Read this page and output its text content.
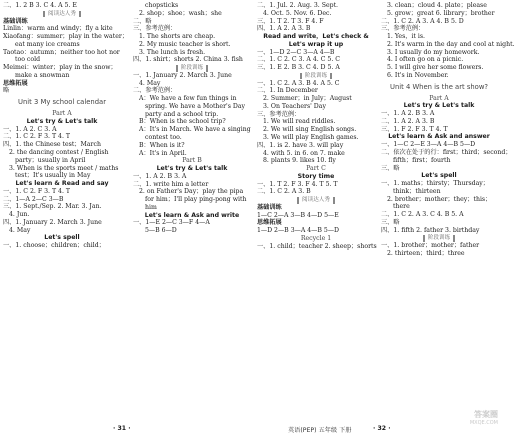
二、1. 2 B 3. C 4. A 5. E
阅读达人秀
基础训练
Linlin：warm and windy；fly a kite
Xiaofang：summer；play in the water；
eat many ice creams
Taotao：autumn；neither too hot nor
too cold
Meimei：winter；play in the snow；
make a snowman
思维拓展
略
Unit 3 My school calendar
Part A
Let's try & Let's talk
一、1. A 2. C 3. A
二、1. C 2. F 3. T 4. T
四、1. the Chinese test；March
2. the dancing contest / English
party；usually in April
3. When is the sports meet / maths
test；It's usually in May
Let's learn & Read and say
一、1. C 2. F 3. T 4. T
二、1—A 2—C 3—B
三、1. Sept./Sep. 2. Mar. 3. Jan.
4. Jun.
四、1. January 2. March 3. June
4. May
Let's spell
一、1. choose；children；child；
chopsticks
2. shop；shoe；wash；she
二、略
三、参考范例：
1. The shorts are cheap.
2. My music teacher is short.
3. The lunch is fresh.
四、1. shirt；shorts 2. China 3. fish
阶段训练
一、1. January 2. March 3. June
4. May
二、参考范例：
A：We have a few fun things in
spring. We have a Mother's Day
party and a school trip.
B：When is the school trip?
A：It's in March. We have a singing
contest too.
B：When is it?
A：It's in April.
Part B
Let's try & Let's talk
一、1. A 2. B 3. A
二、1. write him a letter
2. on Father's Day；play the pipa
for him；I'll play ping-pong with
him
Let's learn & Ask and write
一、1—E 2—C 3—F 4—A
5—B 6—D
二、1. Jul. 2. Aug. 3. Sept.
4. Oct. 5. Nov. 6. Dec.
三、1. T 2. T 3. F 4. F
四、1. A 2. A 3. B
Read and write，Let's check &
Let's wrap it up
一、1—D 2—C 3—A 4—B
二、1. C 2. C 3. A 4. C 5. C
三、1. E 2. B 3. C 4. D 5. A
阶段训练
一、1. C 2. A 3. B 4. A 5. C
二、1. In December
2. Summer；in July；August
3. On Teachers' Day
三、参考范例：
1. We will read riddles.
2. We will sing English songs.
3. We will play English games.
四、1. is 2. have 3. will play
4. with 5. in 6. on 7. make
8. plants 9. likes 10. fly
Part C
Story time
一、1. T 2. F 3. F 4. T 5. T
二、1. C 2. A 3. B
阅读达人秀
基础训练
1—C 2—A 3—B 4—D 5—E
思维拓展
1—D 2—B 3—A 4—B 5—D
Recycle 1
一、1. child；teacher 2. sheep；shorts
3. clean；cloud 4. plate；please
5. grow；great 6. library；brother
二、1. C 2. A 3. A 4. B 5. D
三、参考范例：
1. Yes，it is.
2. It's warm in the day and cool at night.
3. I usually do my homework.
4. I often go on a picnic.
5. I will give her some flowers.
6. It's in November.
Unit 4 When is the art show?
Part A
Let's try & Let's talk
一、1. A 2. B 3. A
二、1. A 2. A 3. B
三、1. F 2. F 3. T 4. T
Let's learn & Ask and answer
一、1—C 2—E 3—A 4—B 5—D
二、依次在处于的行：first；third；second；
fifth；first；fourth
三、略
Let's spell
一、1. maths；thirsty；Thursday；
think；thirteen
2. brother；mother；they；this；
there
二、1. C 2. A 3. C 4. B 5. A
三、略
四、1. fifth 2. father 3. birthday
阶段训练
一、1. brother；mother；father
2. thirteen；third；three
· 31 ·	英语(PEP) 五年级 下册	· 32 ·
答案圈
MXQE.COM
